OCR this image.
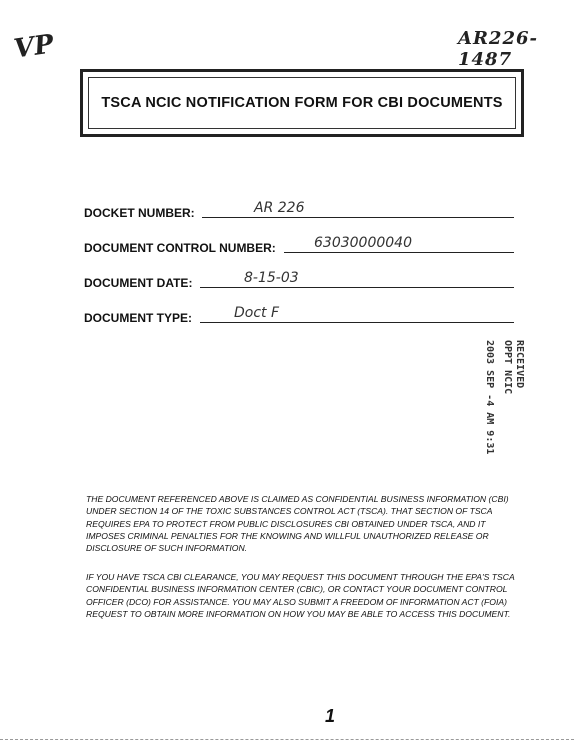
VP	AR226-1487
TSCA NCIC NOTIFICATION FORM FOR CBI DOCUMENTS
DOCKET NUMBER:	AR 226
DOCUMENT CONTROL NUMBER:	63030000040
DOCUMENT DATE:	8-15-03
DOCUMENT TYPE:	Doct F
RECEIVED
OPPT NCIC
2003 SEP -4 AM 9:31
THE DOCUMENT REFERENCED ABOVE IS CLAIMED AS CONFIDENTIAL BUSINESS INFORMATION (CBI) UNDER SECTION 14 OF THE TOXIC SUBSTANCES CONTROL ACT (TSCA). THAT SECTION OF TSCA REQUIRES EPA TO PROTECT FROM PUBLIC DISCLOSURES CBI OBTAINED UNDER TSCA, AND IT IMPOSES CRIMINAL PENALTIES FOR THE KNOWING AND WILLFUL UNAUTHORIZED RELEASE OR DISCLOSURE OF SUCH INFORMATION.
IF YOU HAVE TSCA CBI CLEARANCE, YOU MAY REQUEST THIS DOCUMENT THROUGH THE EPA'S TSCA CONFIDENTIAL BUSINESS INFORMATION CENTER (CBIC), OR CONTACT YOUR DOCUMENT CONTROL OFFICER (DCO) FOR ASSISTANCE. YOU MAY ALSO SUBMIT A FREEDOM OF INFORMATION ACT (FOIA) REQUEST TO OBTAIN MORE INFORMATION ON HOW YOU MAY BE ABLE TO ACCESS THIS DOCUMENT.
1
